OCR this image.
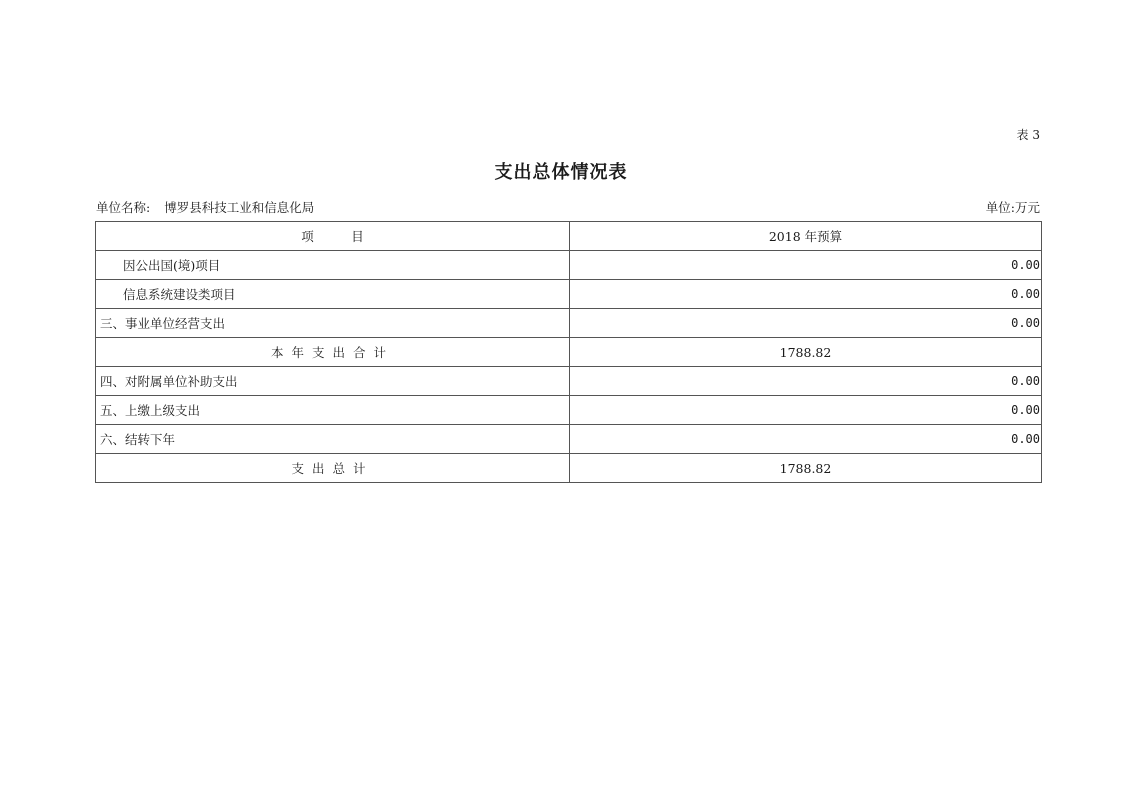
表 3
支出总体情况表
单位名称: 博罗县科技工业和信息化局	单位:万元
项　　　目	2018 年预算
因公出国(境)项目	0.00
信息系统建设类项目	0.00
三、事业单位经营支出	0.00
本年支出合计	1788.82
四、对附属单位补助支出	0.00
五、上缴上级支出	0.00
六、结转下年	0.00
支出总计	1788.82
